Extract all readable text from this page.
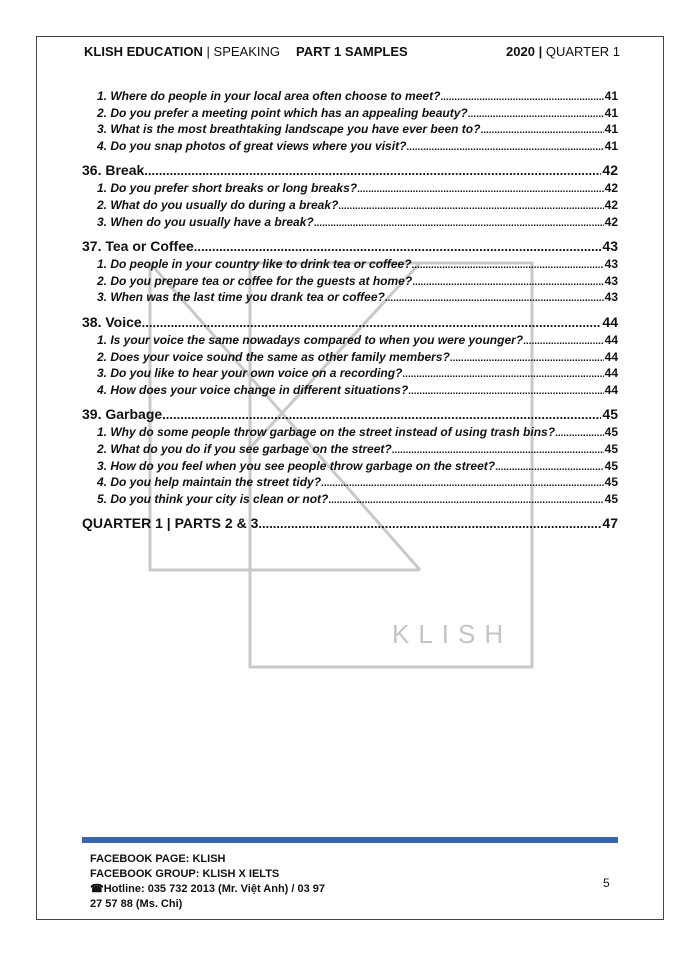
KLISH EDUCATION | SPEAKING PART 1 SAMPLES	2020 | QUARTER 1
KLISH
1. Where do people in your local area often choose to meet? .....	41
2. Do you prefer a meeting point which has an appealing beauty? .....	41
3. What is the most breathtaking landscape you have ever been to? .....	41
4. Do you snap photos of great views where you visit? .....	41
36. Break .....	42
1. Do you prefer short breaks or long breaks? .....	42
2. What do you usually do during a break? .....	42
3. When do you usually have a break? .....	42
37. Tea or Coffee .....	43
1. Do people in your country like to drink tea or coffee? .....	43
2. Do you prepare tea or coffee for the guests at home? .....	43
3. When was the last time you drank tea or coffee? .....	43
38. Voice .....	44
1. Is your voice the same nowadays compared to when you were younger? .....	44
2. Does your voice sound the same as other family members? .....	44
3. Do you like to hear your own voice on a recording? .....	44
4. How does your voice change in different situations? .....	44
39. Garbage .....	45
1. Why do some people throw garbage on the street instead of using trash bins? .....	45
2. What do you do if you see garbage on the street? .....	45
3. How do you feel when you see people throw garbage on the street? .....	45
4. Do you help maintain the street tidy? .....	45
5. Do you think your city is clean or not? .....	45
QUARTER 1 | PARTS 2 & 3 .....	47
FACEBOOK PAGE: KLISH
FACEBOOK GROUP: KLISH X IELTS
☎Hotline: 035 732 2013 (Mr. Việt Anh) / 03 97
27 57 88 (Ms. Chi)
5
